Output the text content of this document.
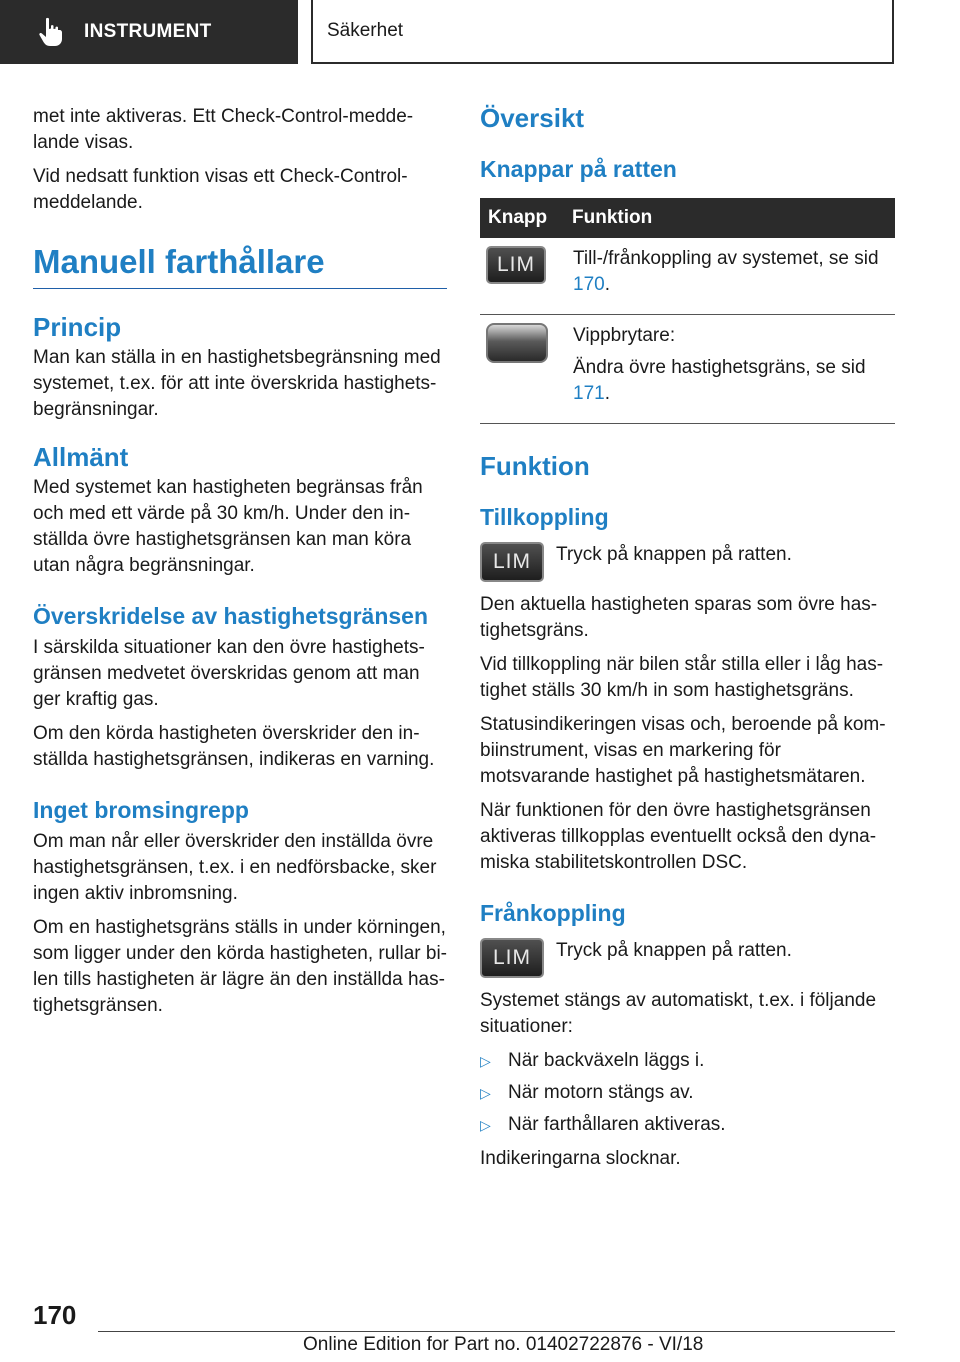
INSTRUMENT	Säkerhet

met inte aktiveras. Ett Check-Control-medde-lande visas.

Vid nedsatt funktion visas ett Check-Control-meddelande.

Manuell farthållare
Princip

Man kan ställa in en hastighetsbegränsning med systemet, t.ex. för att inte överskrida hastighets-begränsningar.

Allmänt

Med systemet kan hastigheten begränsas från och med ett värde på 30 km/h. Under den in-ställda övre hastighetsgränsen kan man köra utan några begränsningar.

Överskridelse av hastighetsgränsen

I särskilda situationer kan den övre hastighets-gränsen medvetet överskridas genom att man ger kraftig gas.

Om den körda hastigheten överskrider den in-ställda hastighetsgränsen, indikeras en varning.

Inget bromsingrepp

Om man når eller överskrider den inställda övre hastighetsgränsen, t.ex. i en nedförsbacke, sker ingen aktiv inbromsning.

Om en hastighetsgräns ställs in under körningen, som ligger under den körda hastigheten, rullar bi-len tills hastigheten är lägre än den inställda has-tighetsgränsen.

Översikt
Knappar på ratten
Knapp	Funktion
LIM	Till-/frånkoppling av systemet, se sid 170.

	Vippbrytare:

Ändra övre hastighetsgräns, se sid 171.

Funktion
Tillkoppling
LIM	Tryck på knappen på ratten.

Den aktuella hastigheten sparas som övre has-tighetsgräns.

Vid tillkoppling när bilen står stilla eller i låg has-tighet ställs 30 km/h in som hastighetsgräns.

Statusindikeringen visas och, beroende på kom-biinstrument, visas en markering för motsvarande hastighet på hastighetsmätaren.

När funktionen för den övre hastighetsgränsen aktiveras tillkopplas eventuellt också den dyna-miska stabilitetskontrollen DSC.

Frånkoppling
LIM	Tryck på knappen på ratten.

Systemet stängs av automatiskt, t.ex. i följande situationer:

▷ När backväxeln läggs i.
▷ När motorn stängs av.
▷ När farthållaren aktiveras.

Indikeringarna slocknar.

170
Online Edition for Part no. 01402722876 - VI/18
